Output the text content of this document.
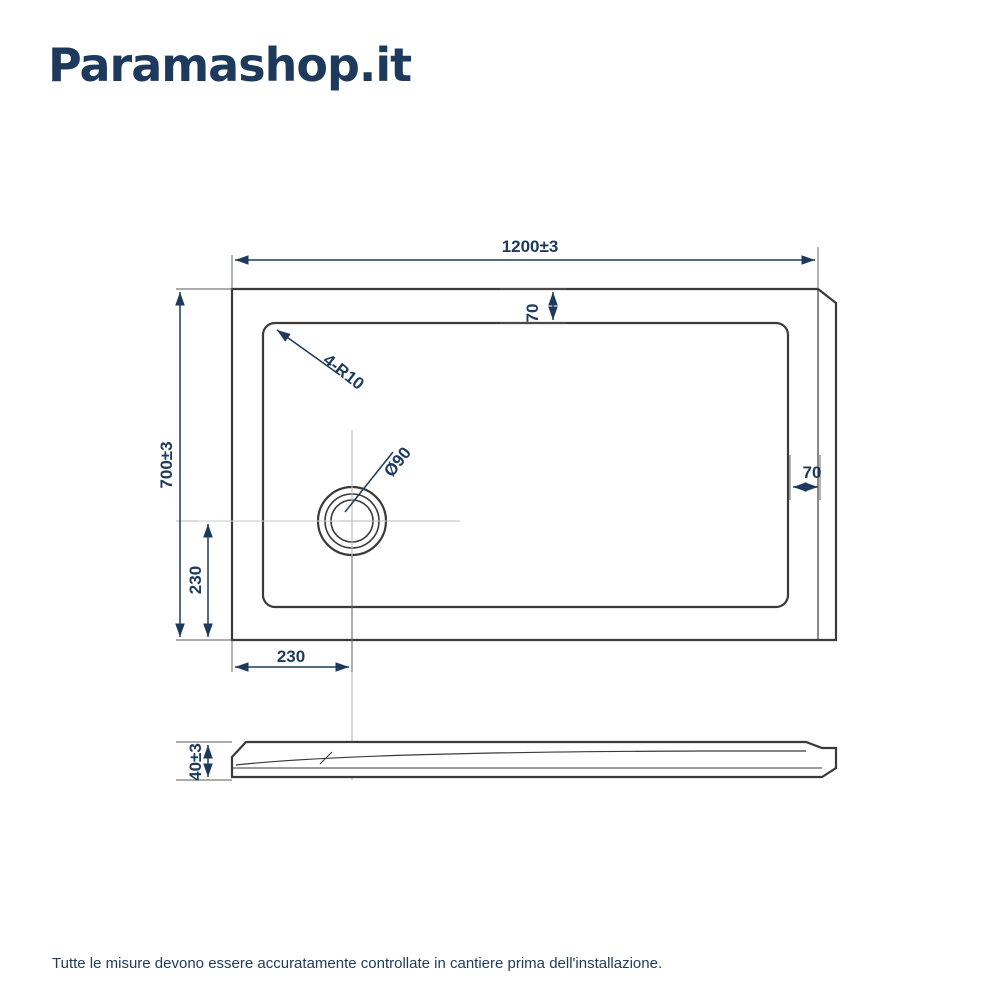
Paramashop.it
1200±3
700±3
230
230
70
70
40±3
4-R10
Ø90
Tutte le misure devono essere accuratamente controllate in cantiere prima dell'installazione.
